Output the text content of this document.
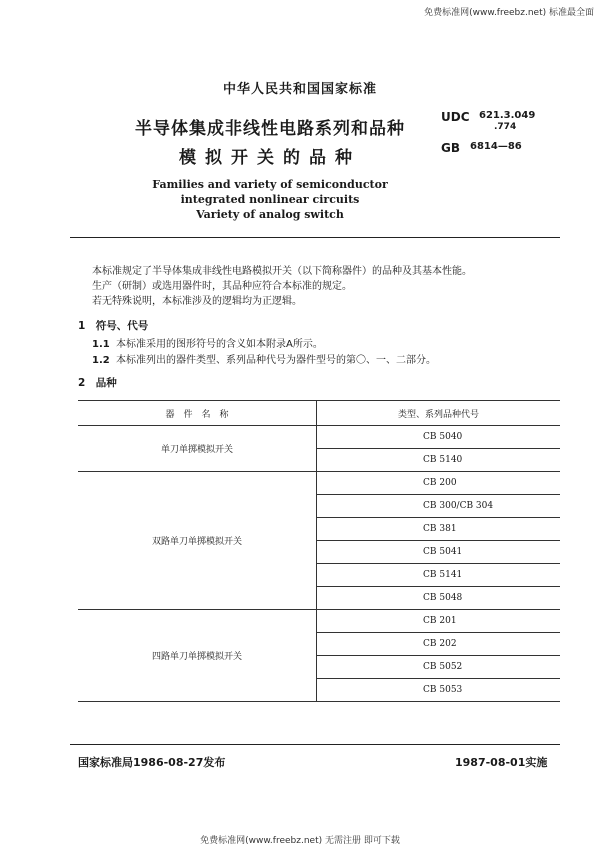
免费标准网(www.freebz.net) 标准最全面
中华人民共和国国家标准
半导体集成非线性电路系列和品种
模拟开关的品种
Families and variety of semiconductor
integrated nonlinear circuits
Variety of analog switch
UDC 621.3.049
.774
GB 6814—86
本标准规定了半导体集成非线性电路模拟开关（以下简称器件）的品种及其基本性能。
生产（研制）或选用器件时，其品种应符合本标准的规定。
若无特殊说明，本标准涉及的逻辑均为正逻辑。
1　符号、代号
1.1 本标准采用的图形符号的含义如本附录A所示。
1.2 本标准列出的器件类型、系列品种代号为器件型号的第〇、一、二部分。
2　品种
器　件　名　称	类型、系列品种代号
单刀单掷模拟开关	CB 5040
	CB 5140
双路单刀单掷模拟开关	CB 200
	CB 300/CB 304
	CB 381
	CB 5041
	CB 5141
	CB 5048
四路单刀单掷模拟开关	CB 201
	CB 202
	CB 5052
	CB 5053
国家标准局1986-08-27发布	1987-08-01实施
免费标准网(www.freebz.net) 无需注册 即可下载
